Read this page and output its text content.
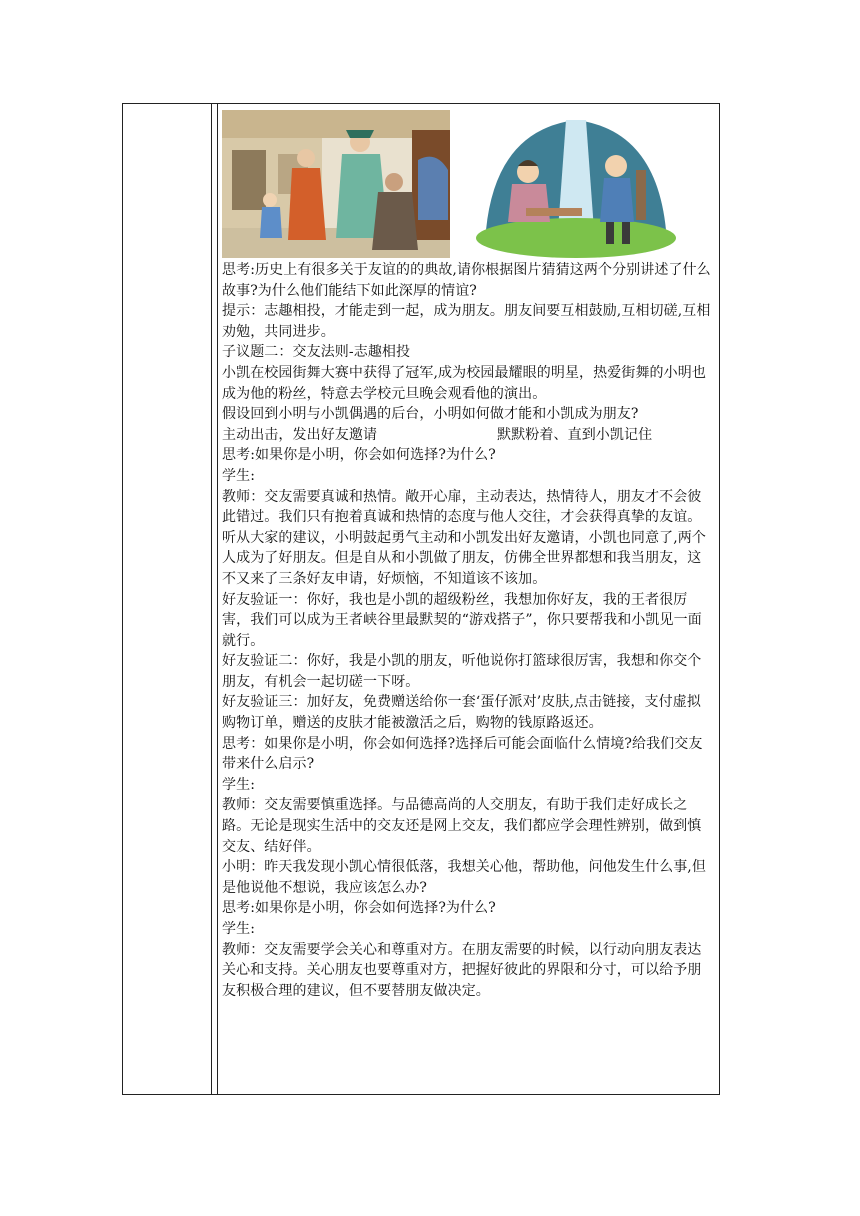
思考:历史上有很多关于友谊的的典故,请你根据图片猜猜这两个分别讲述了什么故事?为什么他们能结下如此深厚的情谊?

提示：志趣相投，才能走到一起，成为朋友。朋友间要互相鼓励,互相切磋,互相劝勉，共同进步。

子议题二：交友法则-志趣相投

小凯在校园街舞大赛中获得了冠军,成为校园最耀眼的明星，热爱街舞的小明也成为他的粉丝，特意去学校元旦晚会观看他的演出。

假设回到小明与小凯偶遇的后台，小明如何做才能和小凯成为朋友?

主动出击，发出好友邀请	默默粉着、直到小凯记住

思考:如果你是小明，你会如何选择?为什么?

学生:

教师：交友需要真诚和热情。敞开心扉，主动表达，热情待人，朋友才不会彼此错过。我们只有抱着真诚和热情的态度与他人交往，才会获得真挚的友谊。

听从大家的建议，小明鼓起勇气主动和小凯发出好友邀请，小凯也同意了,两个人成为了好朋友。但是自从和小凯做了朋友，仿佛全世界都想和我当朋友，这不又来了三条好友申请，好烦恼，不知道该不该加。

好友验证一：你好，我也是小凯的超级粉丝，我想加你好友，我的王者很厉害，我们可以成为王者峡谷里最默契的“游戏搭子”，你只要帮我和小凯见一面就行。

好友验证二：你好，我是小凯的朋友，听他说你打篮球很厉害，我想和你交个朋友，有机会一起切磋一下呀。

好友验证三：加好友，免费赠送给你一套‘蛋仔派对’皮肤,点击链接，支付虚拟购物订单，赠送的皮肤才能被激活之后，购物的钱原路返还。

思考：如果你是小明，你会如何选择?选择后可能会面临什么情境?给我们交友带来什么启示?

学生:

教师：交友需要慎重选择。与品德高尚的人交朋友，有助于我们走好成长之路。无论是现实生活中的交友还是网上交友，我们都应学会理性辨别，做到慎交友、结好伴。

小明：昨天我发现小凯心情很低落，我想关心他，帮助他，问他发生什么事,但是他说他不想说，我应该怎么办?

思考:如果你是小明，你会如何选择?为什么?

学生:

教师：交友需要学会关心和尊重对方。在朋友需要的时候，以行动向朋友表达关心和支持。关心朋友也要尊重对方，把握好彼此的界限和分寸，可以给予朋友积极合理的建议，但不要替朋友做决定。
